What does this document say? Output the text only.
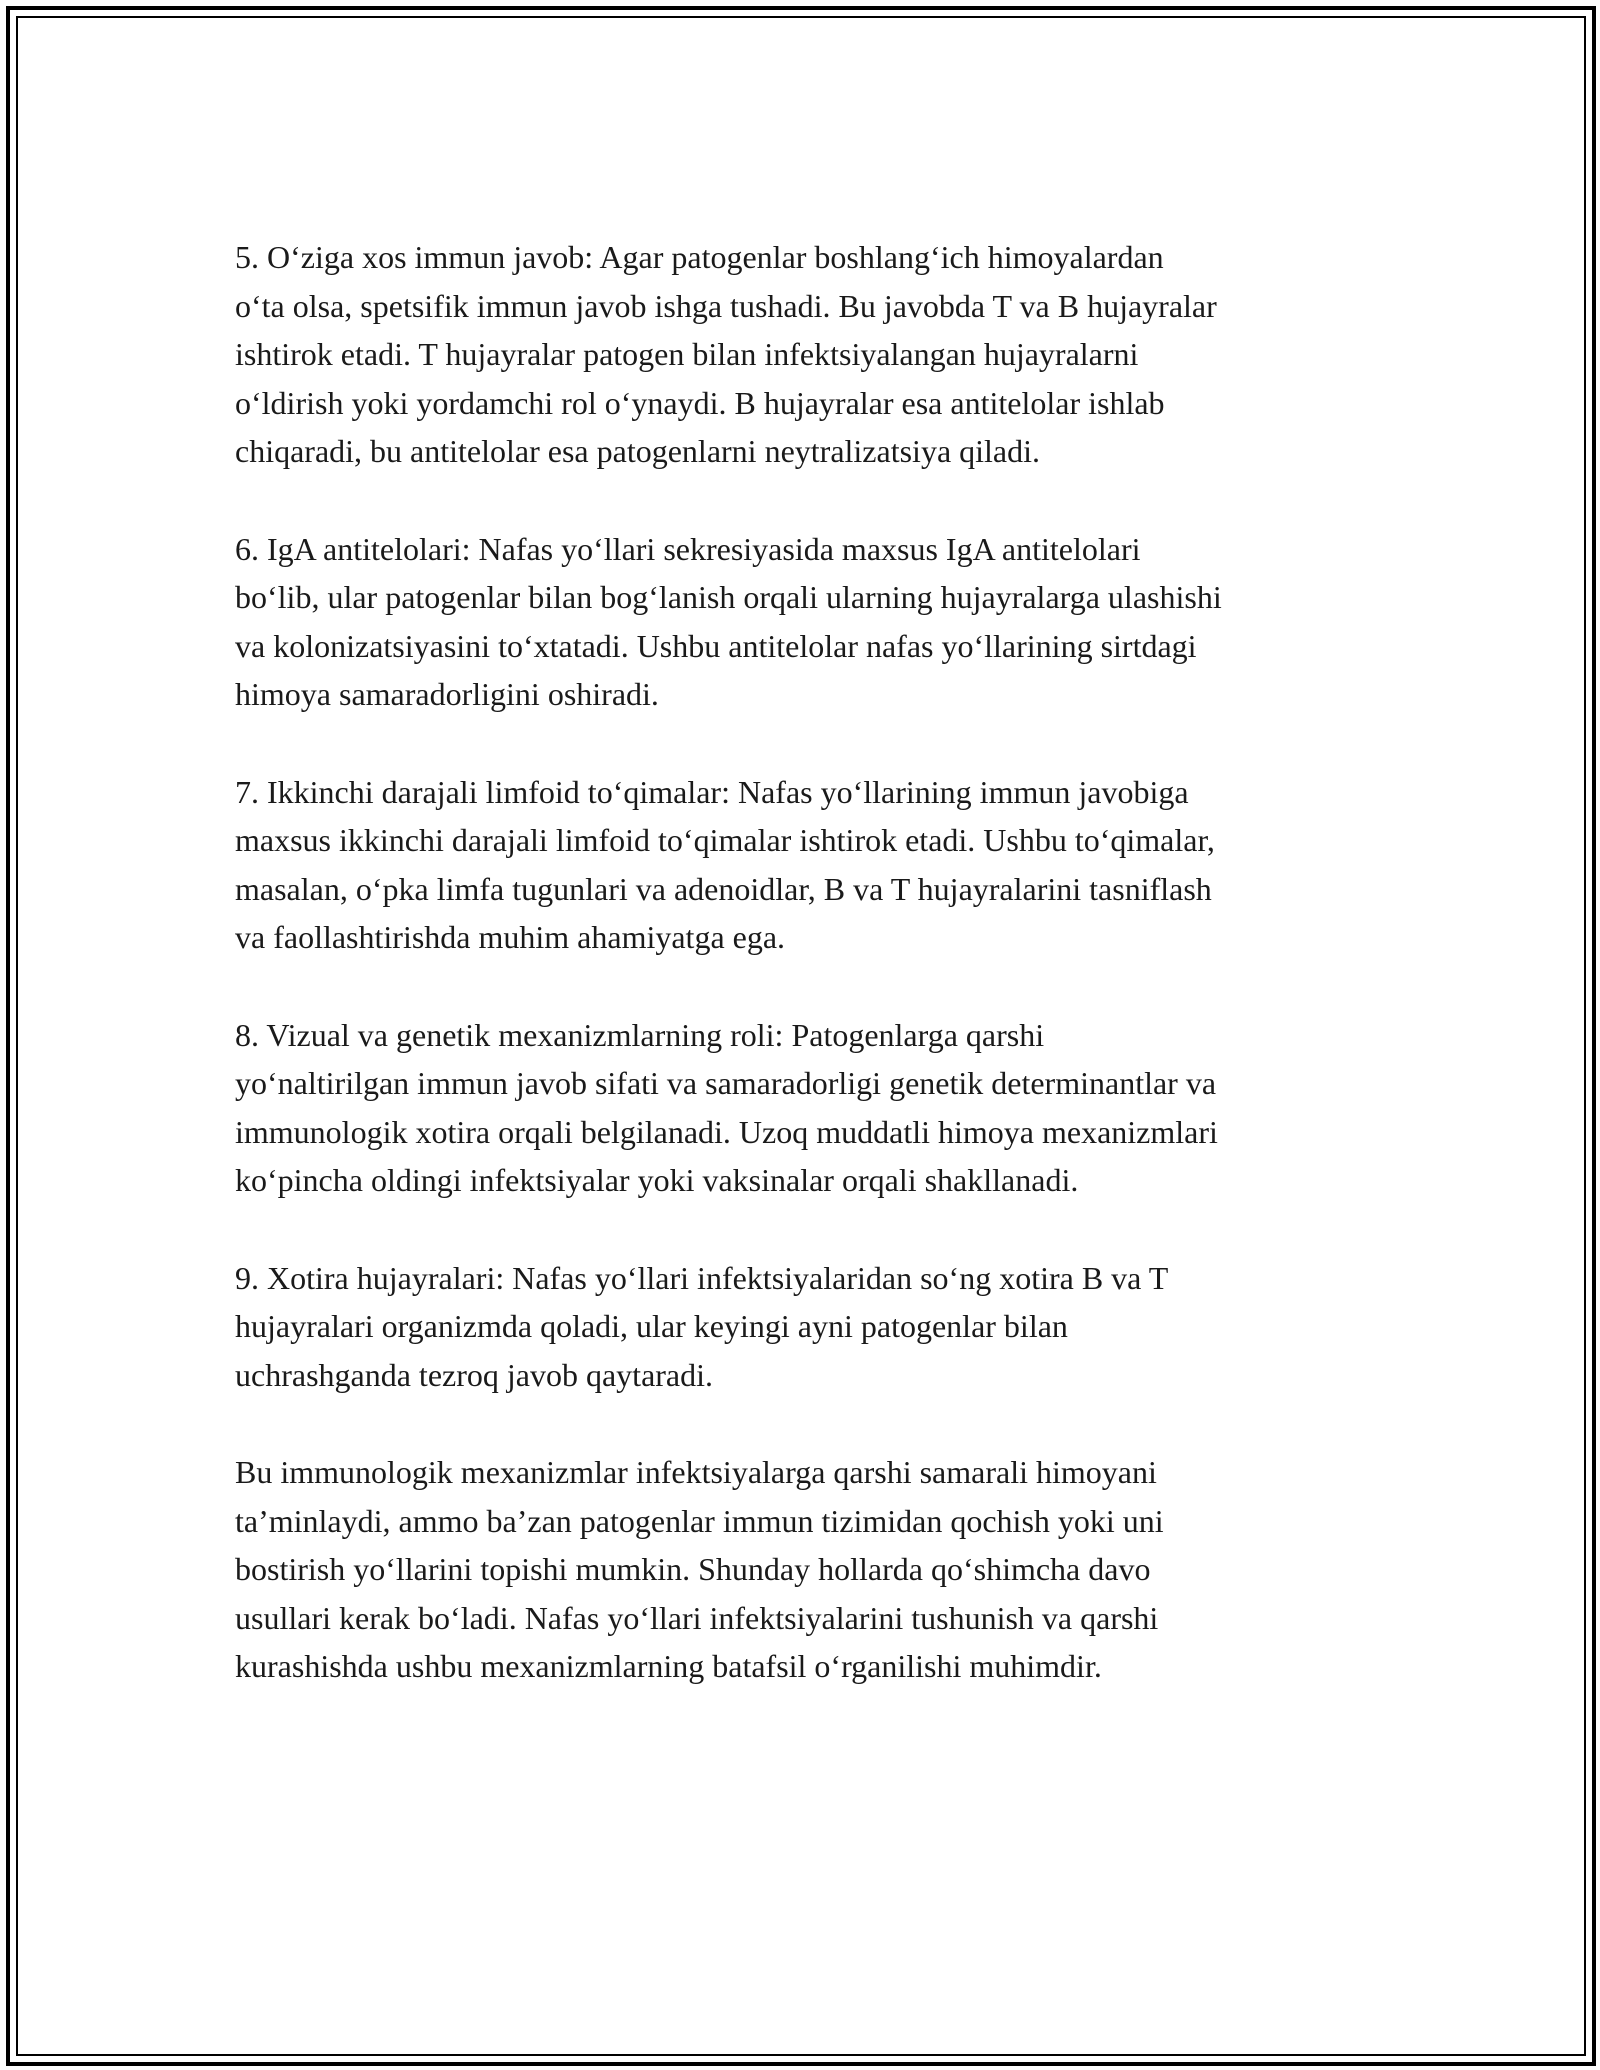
5. O‘ziga xos immun javob: Agar patogenlar boshlang‘ich himoyalardan
o‘ta olsa, spetsifik immun javob ishga tushadi. Bu javobda T va B hujayralar
ishtirok etadi. T hujayralar patogen bilan infektsiyalangan hujayralarni
o‘ldirish yoki yordamchi rol o‘ynaydi. B hujayralar esa antitelolar ishlab
chiqaradi, bu antitelolar esa patogenlarni neytralizatsiya qiladi.

6. IgA antitelolari: Nafas yo‘llari sekresiyasida maxsus IgA antitelolari
bo‘lib, ular patogenlar bilan bog‘lanish orqali ularning hujayralarga ulashishi
va kolonizatsiyasini to‘xtatadi. Ushbu antitelolar nafas yo‘llarining sirtdagi
himoya samaradorligini oshiradi.

7. Ikkinchi darajali limfoid to‘qimalar: Nafas yo‘llarining immun javobiga
maxsus ikkinchi darajali limfoid to‘qimalar ishtirok etadi. Ushbu to‘qimalar,
masalan, o‘pka limfa tugunlari va adenoidlar, B va T hujayralarini tasniflash
va faollashtirishda muhim ahamiyatga ega.

8. Vizual va genetik mexanizmlarning roli: Patogenlarga qarshi
yo‘naltirilgan immun javob sifati va samaradorligi genetik determinantlar va
immunologik xotira orqali belgilanadi. Uzoq muddatli himoya mexanizmlari
ko‘pincha oldingi infektsiyalar yoki vaksinalar orqali shakllanadi.

9. Xotira hujayralari: Nafas yo‘llari infektsiyalaridan so‘ng xotira B va T
hujayralari organizmda qoladi, ular keyingi ayni patogenlar bilan
uchrashganda tezroq javob qaytaradi.

Bu immunologik mexanizmlar infektsiyalarga qarshi samarali himoyani
ta’minlaydi, ammo ba’zan patogenlar immun tizimidan qochish yoki uni
bostirish yo‘llarini topishi mumkin. Shunday hollarda qo‘shimcha davo
usullari kerak bo‘ladi. Nafas yo‘llari infektsiyalarini tushunish va qarshi
kurashishda ushbu mexanizmlarning batafsil o‘rganilishi muhimdir.
